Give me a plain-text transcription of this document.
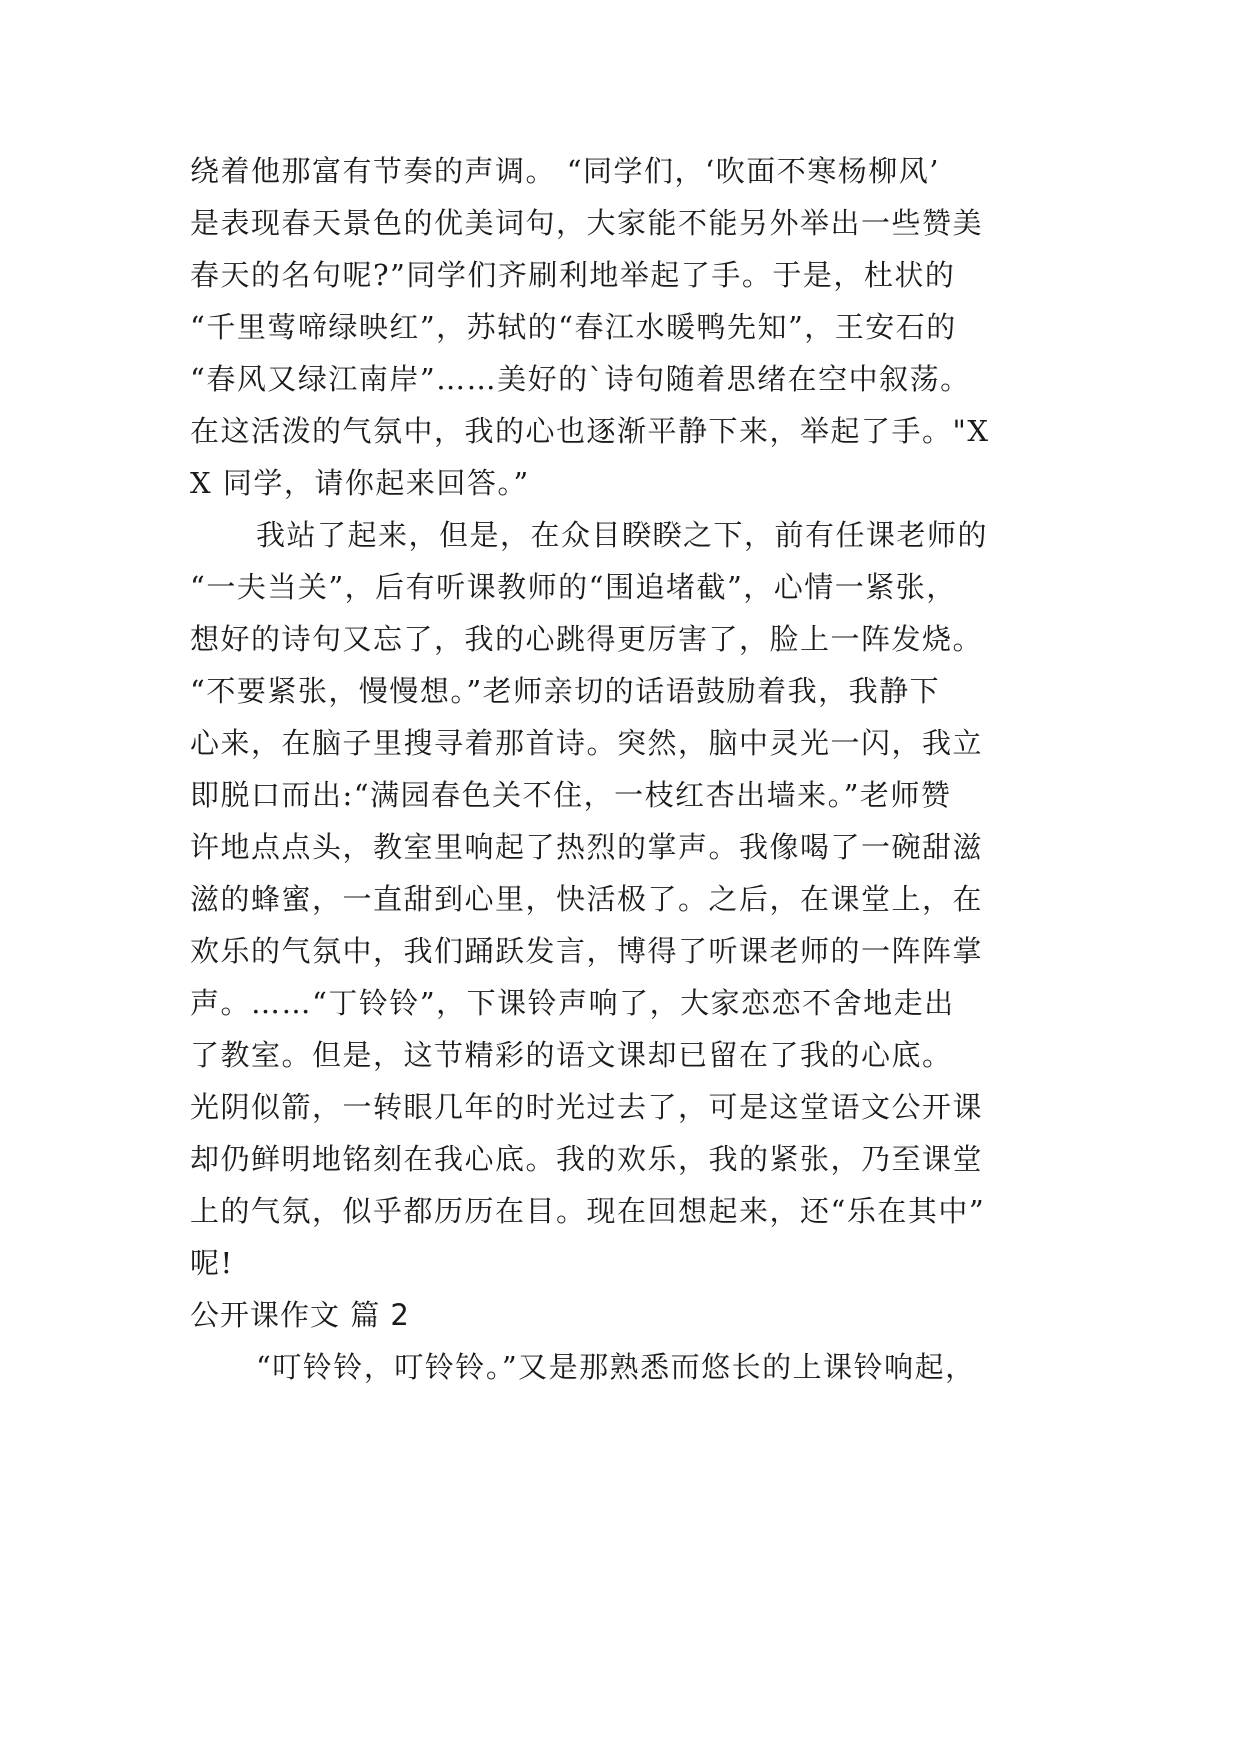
绕着他那富有节奏的声调。 “同学们，‘吹面不寒杨柳风’
是表现春天景色的优美词句，大家能不能另外举出一些赞美
春天的名句呢?”同学们齐刷利地举起了手。于是，杜状的
“千里莺啼绿映红”，苏轼的“春江水暖鸭先知”，王安石的
“春风又绿江南岸”……美好的`诗句随着思绪在空中叙荡。
在这活泼的气氛中，我的心也逐渐平静下来，举起了手。"X
X 同学，请你起来回答。”
我站了起来，但是，在众目睽睽之下，前有任课老师的
“一夫当关”，后有听课教师的“围追堵截”，心情一紧张，
想好的诗句又忘了，我的心跳得更厉害了，脸上一阵发烧。
“不要紧张，慢慢想。”老师亲切的话语鼓励着我，我静下
心来，在脑子里搜寻着那首诗。突然，脑中灵光一闪，我立
即脱口而出:“满园春色关不住，一枝红杏出墙来。”老师赞
许地点点头，教室里响起了热烈的掌声。我像喝了一碗甜滋
滋的蜂蜜，一直甜到心里，快活极了。之后，在课堂上，在
欢乐的气氛中，我们踊跃发言，博得了听课老师的一阵阵掌
声。……“丁铃铃”，下课铃声响了，大家恋恋不舍地走出
了教室。但是，这节精彩的语文课却已留在了我的心底。
光阴似箭，一转眼几年的时光过去了，可是这堂语文公开课
却仍鲜明地铭刻在我心底。我的欢乐，我的紧张，乃至课堂
上的气氛，似乎都历历在目。现在回想起来，还“乐在其中”
呢!
公开课作文 篇 2
“叮铃铃，叮铃铃。”又是那熟悉而悠长的上课铃响起，
